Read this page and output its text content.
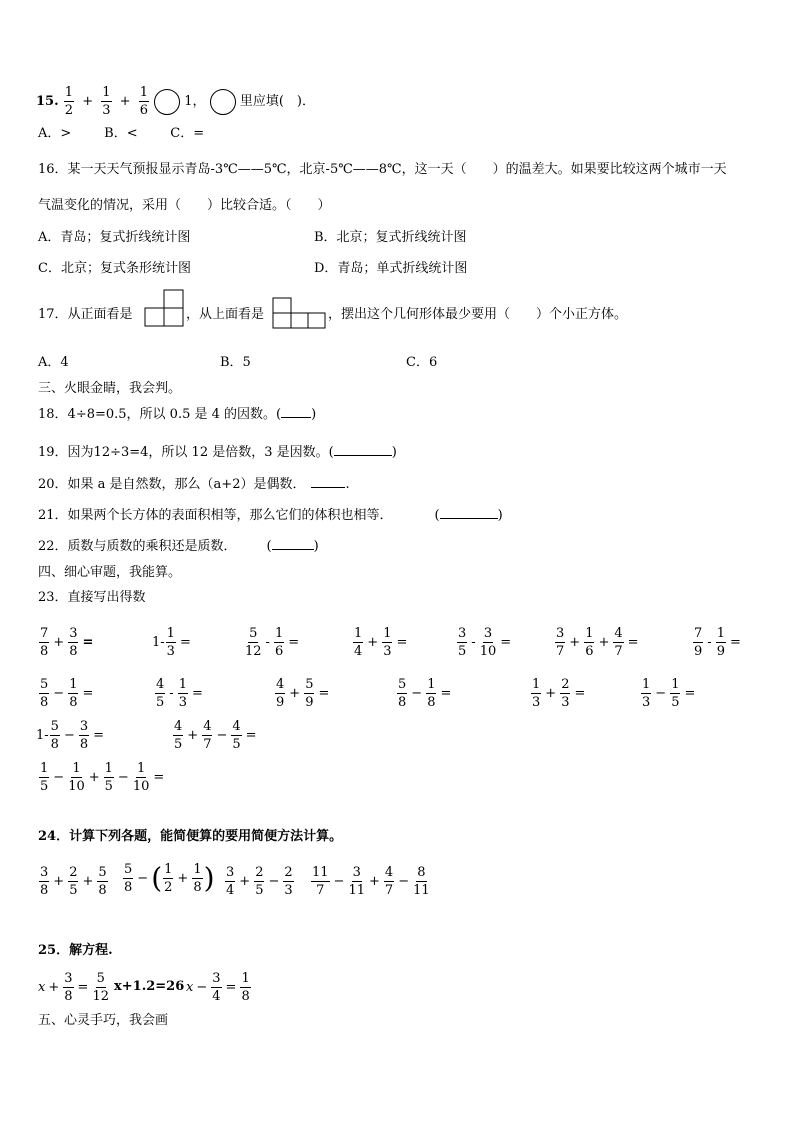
15. $\frac{1}{2} + \frac{1}{3} + \frac{1}{6}$	1，	里应填(　)．
A．>	B．<	C．=
16．某一天天气预报显示青岛-3℃——5℃，北京-5℃——8℃，这一天（　　）的温差大。如果要比较这两个城市一天
气温变化的情况，采用（　　）比较合适。（　　）
A．青岛；复式折线统计图	B．北京；复式折线统计图
C．北京；复式条形统计图	D．青岛；单式折线统计图
17．从正面看是	，从上面看是	，摆出这个几何形体最少要用（　　）个小正方体。
A．4	B．5	C．6
三、火眼金睛，我会判。
18．4÷8=0.5，所以 0.5 是 4 的因数。( )
19．因为12÷3=4，所以 12 是倍数，3 是因数。(	)
20．如果 a 是自然数，那么（a+2）是偶数．	.
21．如果两个长方体的表面积相等，那么它们的体积也相等．	(	)
22．质数与质数的乘积还是质数． (	)
四、细心审题，我能算。
23．直接写出得数
$\frac{7}{8} + \frac{3}{8}$ =	$1- \frac{1}{3}$ =	$\frac{5}{12} - \frac{1}{6}$ =	$\frac{1}{4} + \frac{1}{3}$ =	$\frac{3}{5} - \frac{3}{10}$ =	$\frac{3}{7} + \frac{1}{6} + \frac{4}{7}$ =	$\frac{7}{9} - \frac{1}{9}$ =
$\frac{5}{8} - \frac{1}{8}$ =	$\frac{4}{5} - \frac{1}{3}$ =	$\frac{4}{9} + \frac{5}{9}$ =	$\frac{5}{8} - \frac{1}{8}$ =	$\frac{1}{3} + \frac{2}{3}$ =	$\frac{1}{3} - \frac{1}{5}$ =
$1- \frac{5}{8} - \frac{3}{8}$ =	$\frac{4}{5} + \frac{4}{7} - \frac{4}{5}$ =
$\frac{1}{5} - \frac{1}{10} + \frac{1}{5} - \frac{1}{10}$ =
24．计算下列各题，能简便算的要用简便方法计算。
$\frac{3}{8} + \frac{2}{5} + \frac{5}{8} \frac{5}{8}$ − ( $\frac{1}{2} + \frac{1}{8}$ ) $\frac{3}{4} + \frac{2}{5} - \frac{2}{3} \frac{11}{7} - \frac{3}{11} + \frac{4}{7} - \frac{8}{11}$
25．解方程.
$x + \frac{3}{8} = \frac{5}{12} x+1.2=26$ $x - \frac{3}{4} = \frac{1}{8}$
五、心灵手巧，我会画
